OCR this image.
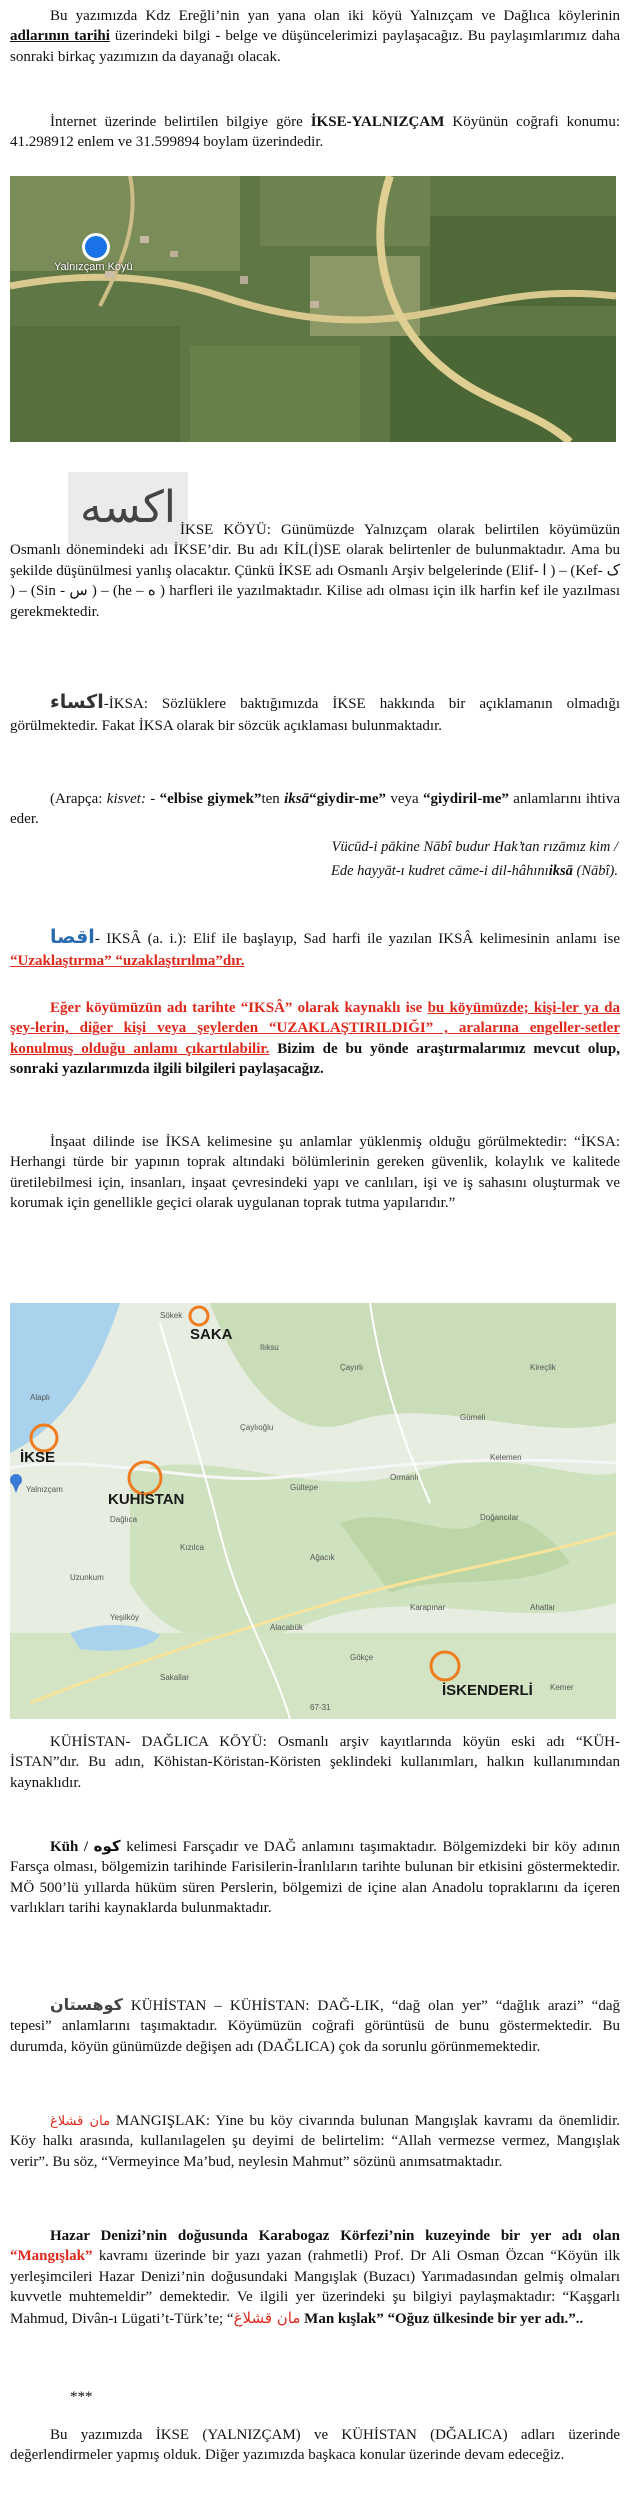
Bu yazımızda Kdz Ereğli’nin yan yana olan iki köyü Yalnızçam ve Dağlıca köylerinin adlarının tarihi üzerindeki bilgi - belge ve düşüncelerimizi paylaşacağız. Bu paylaşımlarımız daha sonraki birkaç yazımızın da dayanağı olacak.

İnternet üzerinde belirtilen bilgiye göre İKSE-YALNIZÇAM Köyünün coğrafi konumu: 41.298912 enlem ve 31.599894 boylam üzerindedir.

Yalnızçam Köyü
اکسه İKSE KÖYÜ: Günümüzde Yalnızçam olarak belirtilen köyümüzün Osmanlı dönemindeki adı İKSE’dir. Bu adı KİL(İ)SE olarak belirtenler de bulunmaktadır. Ama bu şekilde düşünülmesi yanlış olacaktır. Çünkü İKSE adı Osmanlı Arşiv belgelerinde (Elif- ا ) – (Kef- ک ) – (Sin - س ) – (he – ه ) harfleri ile yazılmaktadır. Kilise adı olması için ilk harfin kef ile yazılması gerekmektedir.

اكساء-İKSA: Sözlüklere baktığımızda İKSE hakkında bir açıklamanın olmadığı görülmektedir. Fakat İKSA olarak bir sözcük açıklaması bulunmaktadır.

(Arapça: kisvet: - “elbise giymek”ten iksā“giydir-me” veya “giydiril-me” anlamlarını ihtiva eder.

Vücūd-i pākine Nābî budur Hak’tan rızāmız kim /

Ede hayyāt-ı kudret cāme-i dil-hâhınıiksā (Nābî).

اقصا- IKSÂ (a. i.): Elif ile başlayıp, Sad harfi ile yazılan IKSÂ kelimesinin anlamı ise “Uzaklaştırma” “uzaklaştırılma”dır.

Eğer köyümüzün adı tarihte “IKSÂ” olarak kaynaklı ise bu köyümüzde; kişi-ler ya da şey-lerin, diğer kişi veya şeylerden “UZAKLAŞTIRILDIĞI” , aralarına engeller-setler konulmuş olduğu anlamı çıkartılabilir. Bizim de bu yönde araştırmalarımız mevcut olup, sonraki yazılarımızda ilgili bilgileri paylaşacağız.

İnşaat dilinde ise İKSA kelimesine şu anlamlar yüklenmiş olduğu görülmektedir: “İKSA: Herhangi türde bir yapının toprak altındaki bölümlerinin gereken güvenlik, kolaylık ve kalitede üretilebilmesi için, insanları, inşaat çevresindeki yapı ve canlıları, işi ve iş sahasını oluşturmak ve korumak için genellikle geçici olarak uygulanan toprak tutma yapılarıdır.”

SAKA
İKSE
KUHİSTAN
İSKENDERLİ
Sökek
Ilıksu
Alaplı
Yalnızçam
Dağlıca
Çayırlı
Gümeli
Kızılca
Alacabük
Ağacık
Çaylıoğlu
Ormanlı
Kireçlik
Uzunkum
Doğancılar
Ahatlar
Gökçe
Sakallar
Karapınar
Kemer
Gültepe
Yeşilköy
Kelemen
67-31

KÜHİSTAN- DAĞLICA KÖYÜ: Osmanlı arşiv kayıtlarında köyün eski adı “KÜH-İSTAN”dır. Bu adın, Köhistan-Köristan-Köristen şeklindeki kullanımları, halkın kullanımından kaynaklıdır.

Küh / کوه kelimesi Farsçadır ve DAĞ anlamını taşımaktadır. Bölgemizdeki bir köy adının Farsça olması, bölgemizin tarihinde Farisilerin-İranlıların tarihte bulunan bir etkisini göstermektedir. MÖ 500’lü yıllarda hüküm süren Perslerin, bölgemizi de içine alan Anadolu topraklarını da içeren varlıkları tarihi kaynaklarda bulunmaktadır.

کوهستان KÜHİSTAN – KÜHİSTAN: DAĞ-LIK, “dağ olan yer” “dağlık arazi” “dağ tepesi” anlamlarını taşımaktadır. Köyümüzün coğrafi görüntüsü de bunu göstermektedir. Bu durumda, köyün günümüzde değişen adı (DAĞLICA) çok da sorunlu görünmemektedir.

مان قشلاغ MANGIŞLAK: Yine bu köy civarında bulunan Mangışlak kavramı da önemlidir. Köy halkı arasında, kullanılagelen şu deyimi de belirtelim: “Allah vermezse vermez, Mangışlak verir”. Bu söz, “Vermeyince Ma’bud, neylesin Mahmut” sözünü anımsatmaktadır.

Hazar Denizi’nin doğusunda Karabogaz Körfezi’nin kuzeyinde bir yer adı olan “Mangışlak” kavramı üzerinde bir yazı yazan (rahmetli) Prof. Dr Ali Osman Özcan “Köyün ilk yerleşimcileri Hazar Denizi’nin doğusundaki Mangışlak (Buzacı) Yarımadasından gelmiş olmaları kuvvetle muhtemeldir” demektedir. Ve ilgili yer üzerindeki şu bilgiyi paylaşmaktadır: “Kaşgarlı Mahmud, Divân-ı Lügati’t-Türk’te; “مان قشلاغ Man kışlak” “Oğuz ülkesinde bir yer adı.”..

***

Bu yazımızda İKSE (YALNIZÇAM) ve KÜHİSTAN (DĞALICA) adları üzerinde değerlendirmeler yapmış olduk. Diğer yazımızda başkaca konular üzerinde devam edeceğiz.
